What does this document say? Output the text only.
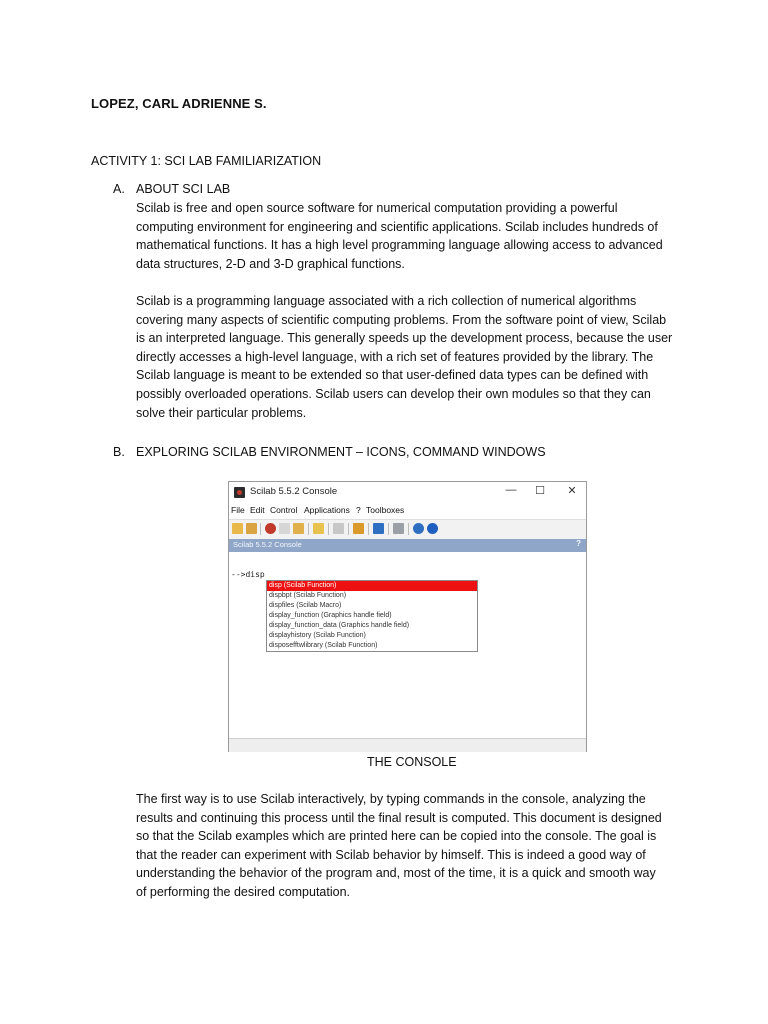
LOPEZ, CARL ADRIENNE S.
ACTIVITY 1: SCI LAB FAMILIARIZATION
A. ABOUT SCI LAB
Scilab is free and open source software for numerical computation providing a powerful
computing environment for engineering and scientific applications. Scilab includes hundreds of
mathematical functions. It has a high level programming language allowing access to advanced
data structures, 2-D and 3-D graphical functions.
Scilab is a programming language associated with a rich collection of numerical algorithms
covering many aspects of scientific computing problems. From the software point of view, Scilab
is an interpreted language. This generally speeds up the development process, because the user
directly accesses a high-level language, with a rich set of features provided by the library. The
Scilab language is meant to be extended so that user-defined data types can be defined with
possibly overloaded operations. Scilab users can develop their own modules so that they can
solve their particular problems.
B. EXPLORING SCILAB ENVIRONMENT – ICONS, COMMAND WINDOWS
Scilab 5.5.2 Console	— ☐ ✕
File Edit Control Applications ? Toolboxes
Scilab 5.5.2 Console	?
-->disp
disp (Scilab Function)
dispbpt (Scilab Function)
dispfiles (Scilab Macro)
display_function (Graphics handle field)
display_function_data (Graphics handle field)
displayhistory (Scilab Function)
disposefftwlibrary (Scilab Function)
THE CONSOLE
The first way is to use Scilab interactively, by typing commands in the console, analyzing the
results and continuing this process until the final result is computed. This document is designed
so that the Scilab examples which are printed here can be copied into the console. The goal is
that the reader can experiment with Scilab behavior by himself. This is indeed a good way of
understanding the behavior of the program and, most of the time, it is a quick and smooth way
of performing the desired computation.
